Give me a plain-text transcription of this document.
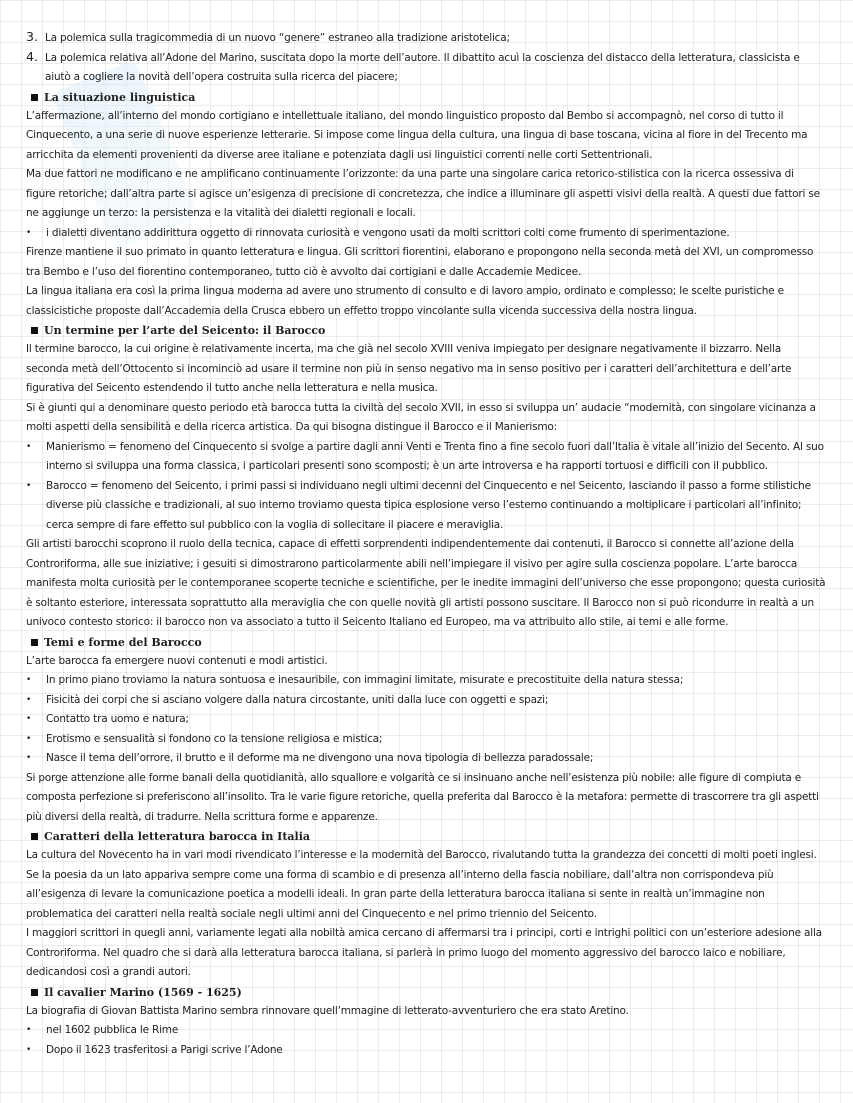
3. La polemica sulla tragicommedia di un nuovo “genere” estraneo alla tradizione aristotelica;
4. La polemica relativa all’Adone del Marino, suscitata dopo la morte dell’autore. Il dibattito acuì la coscienza del distacco della letteratura, classicista e aiutò a cogliere la novità dell’opera costruita sulla ricerca del piacere;
La situazione linguistica
L’affermazione, all’interno del mondo cortigiano e intellettuale italiano, del mondo linguistico proposto dal Bembo si accompagnò, nel corso di tutto il Cinquecento, a una serie di nuove esperienze letterarie. Si impose come lingua della cultura, una lingua di base toscana, vicina al fiore in del Trecento ma arricchita da elementi provenienti da diverse aree italiane e potenziata dagli usi linguistici correnti nelle corti Settentrionali.
Ma due fattori ne modificano e ne amplificano continuamente l’orizzonte: da una parte una singolare carica retorico-stilistica con la ricerca ossessiva di figure retoriche; dall’altra parte si agisce un’esigenza di precisione di concretezza, che indice a illuminare gli aspetti visivi della realtà. A questi due fattori se ne aggiunge un terzo: la persistenza e la vitalità dei dialetti regionali e locali.
•	i dialetti diventano addirittura oggetto di rinnovata curiosità e vengono usati da molti scrittori colti come frumento di sperimentazione.
Firenze mantiene il suo primato in quanto letteratura e lingua. Gli scrittori fiorentini, elaborano e propongono nella seconda metà del XVI, un compromesso tra Bembo e l’uso del fiorentino contemporaneo, tutto ciò è avvolto dai cortigiani e dalle Accademie Medicee.
La lingua italiana era così la prima lingua moderna ad avere uno strumento di consulto e di lavoro ampio, ordinato e complesso; le scelte puristiche e classicistiche proposte dall’Accademia della Crusca ebbero un effetto troppo vincolante sulla vicenda successiva della nostra lingua.
Un termine per l’arte del Seicento: il Barocco
Il termine barocco, la cui origine è relativamente incerta, ma che già nel secolo XVIII veniva impiegato per designare negativamente il bizzarro. Nella seconda metà dell’Ottocento si incominciò ad usare il termine non più in senso negativo ma in senso positivo per i caratteri dell’architettura e dell’arte figurativa del Seicento estendendo il tutto anche nella letteratura e nella musica.
Si è giunti qui a denominare questo periodo età barocca tutta la civiltà del secolo XVII, in esso si sviluppa un’ audacie “modernità, con singolare vicinanza a molti aspetti della sensibilità e della ricerca artistica. Da qui bisogna distingue il Barocco e il Manierismo:
•	Manierismo = fenomeno del Cinquecento si svolge a partire dagli anni Venti e Trenta fino a fine secolo fuori dall’Italia è vitale all’inizio del Secento. Al suo interno si sviluppa una forma classica, i particolari presenti sono scomposti; è un arte introversa e ha rapporti tortuosi e difficili con il pubblico.
•	Barocco = fenomeno del Seicento, i primi passi si individuano negli ultimi decenni del Cinquecento e nel Seicento, lasciando il passo a forme stilistiche diverse più classiche e tradizionali, al suo interno troviamo questa tipica esplosione verso l’esterno continuando a moltiplicare i particolari all’infinito; cerca sempre di fare effetto sul pubblico con la voglia di sollecitare il piacere e meraviglia.
Gli artisti barocchi scoprono il ruolo della tecnica, capace di effetti sorprendenti indipendentemente dai contenuti, il Barocco si connette all’azione della Controriforma, alle sue iniziative; i gesuiti si dimostrarono particolarmente abili nell’impiegare il visivo per agire sulla coscienza popolare. L’arte barocca manifesta molta curiosità per le contemporanee scoperte tecniche e scientifiche, per le inedite immagini dell’universo che esse propongono; questa curiosità è soltanto esteriore, interessata soprattutto alla meraviglia che con quelle novità gli artisti possono suscitare. Il Barocco non si può ricondurre in realtà a un univoco contesto storico: il barocco non va associato a tutto il Seicento Italiano ed Europeo, ma va attribuito allo stile, ai temi e alle forme.
Temi e forme del Barocco
L’arte barocca fa emergere nuovi contenuti e modi artistici.
•	In primo piano troviamo la natura sontuosa e inesauribile, con immagini limitate, misurate e precostituite della natura stessa;
•	Fisicità dei corpi che si asciano volgere dalla natura circostante, uniti dalla luce con oggetti e spazi;
•	Contatto tra uomo e natura;
•	Erotismo e sensualità si fondono co la tensione religiosa e mistica;
•	Nasce il tema dell’orrore, il brutto e il deforme ma ne divengono una nova tipologia di bellezza paradossale;
Si porge attenzione alle forme banali della quotidianità, allo squallore e volgarità ce si insinuano anche nell’esistenza più nobile: alle figure di compiuta e composta perfezione si preferiscono all’insolito. Tra le varie figure retoriche, quella preferita dal Barocco è la metafora: permette di trascorrere tra gli aspetti più diversi della realtà, di tradurre. Nella scrittura forme e apparenze.
Caratteri della letteratura barocca in Italia
La cultura del Novecento ha in vari modi rivendicato l’interesse e la modernità del Barocco, rivalutando tutta la grandezza dei concetti di molti poeti inglesi. Se la poesia da un lato appariva sempre come una forma di scambio e di presenza all’interno della fascia nobiliare, dall’altra non corrispondeva più all’esigenza di levare la comunicazione poetica a modelli ideali. In gran parte della letteratura barocca italiana si sente in realtà un’immagine non problematica dei caratteri nella realtà sociale negli ultimi anni del Cinquecento e nel primo triennio del Seicento.
I maggiori scrittori in quegli anni, variamente legati alla nobiltà amica cercano di affermarsi tra i principi, corti e intrighi politici con un’esteriore adesione alla Controriforma. Nel quadro che si darà alla letteratura barocca italiana, si parlerà in primo luogo del momento aggressivo del barocco laico e nobiliare, dedicandosi così a grandi autori.
Il cavalier Marino (1569 - 1625)
La biografia di Giovan Battista Marino sembra rinnovare quell’mmagine di letterato-avventuriero che era stato Aretino.
•	nel 1602 pubblica le Rime
•	Dopo il 1623 trasferitosi a Parigi scrive l’Adone
